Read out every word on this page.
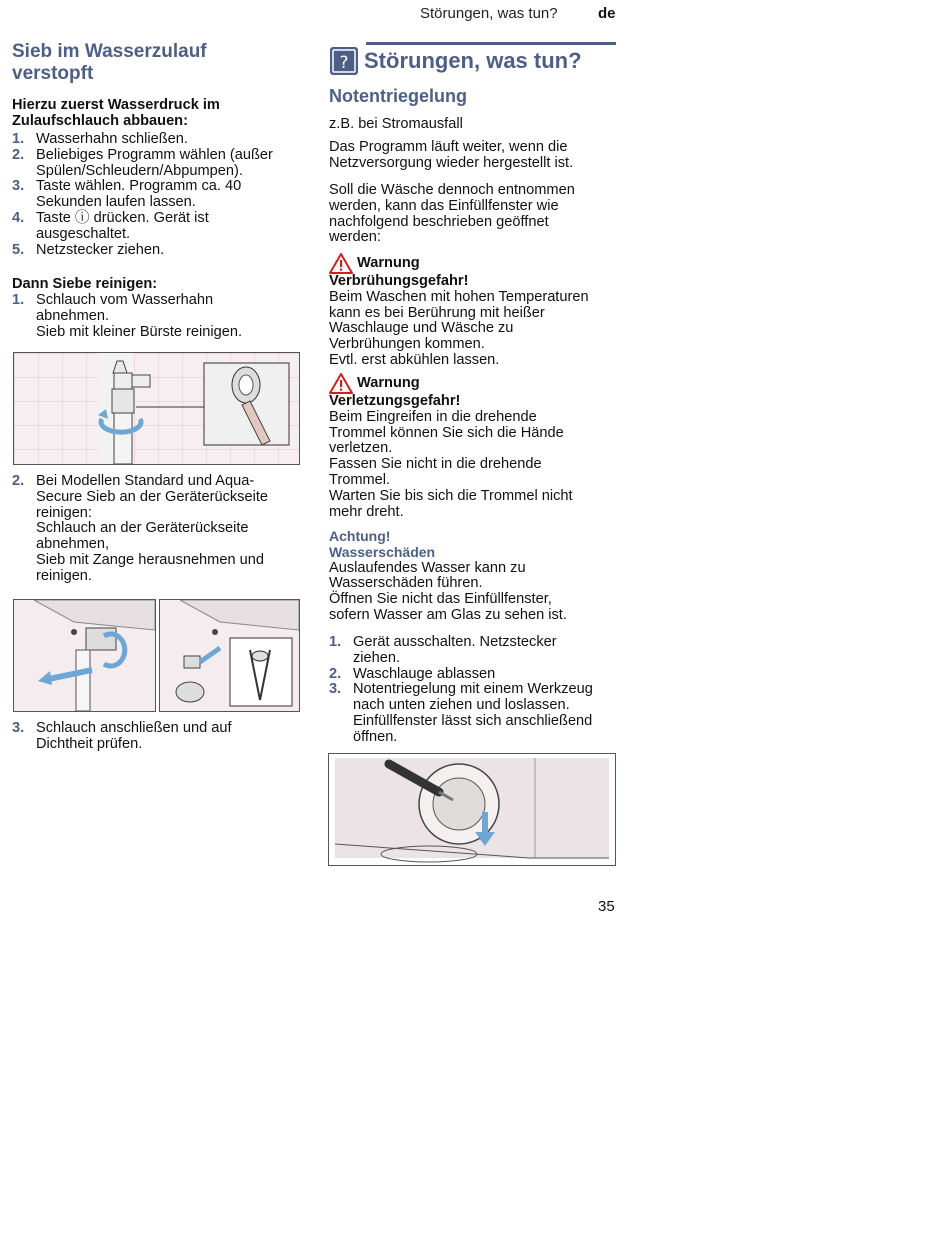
Störungen, was tun?	de
Sieb im Wasserzulauf
verstopft
Hierzu zuerst Wasserdruck im
Zulaufschlauch abbauen:
1. Wasserhahn schließen.
2. Beliebiges Programm wählen (außer
Spülen/Schleudern/Abpumpen).
3. Taste wählen. Programm ca. 40
Sekunden laufen lassen.
4. Taste ⓘ drücken. Gerät ist
ausgeschaltet.
5. Netzstecker ziehen.
Dann Siebe reinigen:
1. Schlauch vom Wasserhahn
abnehmen.
Sieb mit kleiner Bürste reinigen.
2. Bei Modellen Standard und Aqua-
Secure Sieb an der Geräterückseite
reinigen:
Schlauch an der Geräterückseite
abnehmen,
Sieb mit Zange herausnehmen und
reinigen.
3. Schlauch anschließen und auf
Dichtheit prüfen.
? Störungen, was tun?
Notentriegelung
z.B. bei Stromausfall
Das Programm läuft weiter, wenn die
Netzversorgung wieder hergestellt ist.
Soll die Wäsche dennoch entnommen
werden, kann das Einfüllfenster wie
nachfolgend beschrieben geöffnet
werden:
Warnung
Verbrühungsgefahr!
Beim Waschen mit hohen Temperaturen
kann es bei Berührung mit heißer
Waschlauge und Wäsche zu
Verbrühungen kommen.
Evtl. erst abkühlen lassen.
Warnung
Verletzungsgefahr!
Beim Eingreifen in die drehende
Trommel können Sie sich die Hände
verletzen.
Fassen Sie nicht in die drehende
Trommel.
Warten Sie bis sich die Trommel nicht
mehr dreht.
Achtung!
Wasserschäden
Auslaufendes Wasser kann zu
Wasserschäden führen.
Öffnen Sie nicht das Einfüllfenster,
sofern Wasser am Glas zu sehen ist.
1. Gerät ausschalten. Netzstecker
ziehen.
2. Waschlauge ablassen
3. Notentriegelung mit einem Werkzeug
nach unten ziehen und loslassen.
Einfüllfenster lässt sich anschließend
öffnen.
35
